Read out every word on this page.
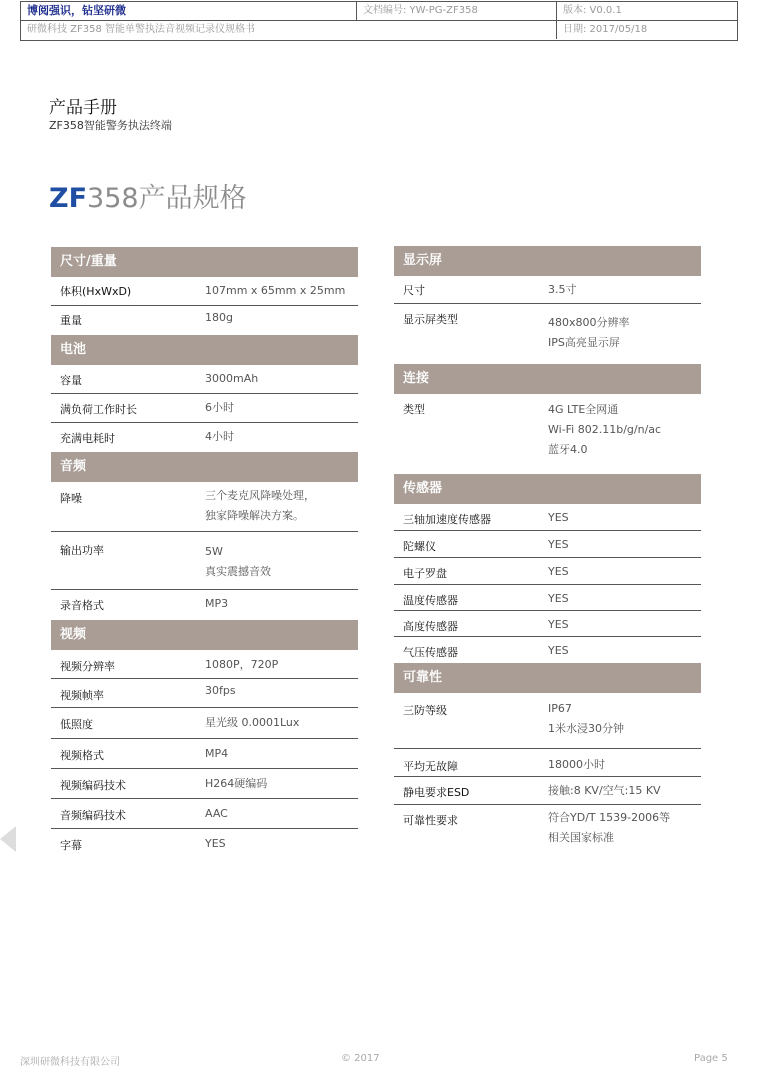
博阅强识，钻坚研微	文档编号: YW-PG-ZF358	版本: V0.0.1
研微科技 ZF358 智能单警执法音视频记录仪规格书	日期: 2017/05/18
产品手册
ZF358智能警务执法终端
ZF358产品规格
尺寸/重量
体积(HxWxD)	107mm x 65mm x 25mm
重量	180g
电池
容量	3000mAh
满负荷工作时长	6小时
充满电耗时	4小时
音频
降噪	三个麦克风降噪处理，
独家降噪解决方案。
输出功率	5W
真实震撼音效
录音格式	MP3
视频
视频分辨率	1080P，720P
视频帧率	30fps
低照度	星光级 0.0001Lux
视频格式	MP4
视频编码技术	H264硬编码
音频编码技术	AAC
字幕	YES
显示屏
尺寸	3.5寸
显示屏类型	480x800分辨率
IPS高亮显示屏
连接
类型	4G LTE全网通
Wi-Fi 802.11b/g/n/ac
蓝牙4.0
传感器
三轴加速度传感器	YES
陀螺仪	YES
电子罗盘	YES
温度传感器	YES
高度传感器	YES
气压传感器	YES
可靠性
三防等级	IP67
1米水浸30分钟
平均无故障	18000小时
静电要求ESD	接触:8 KV/空气:15 KV
可靠性要求	符合YD/T 1539-2006等
相关国家标准
深圳研微科技有限公司	© 2017	Page 5
